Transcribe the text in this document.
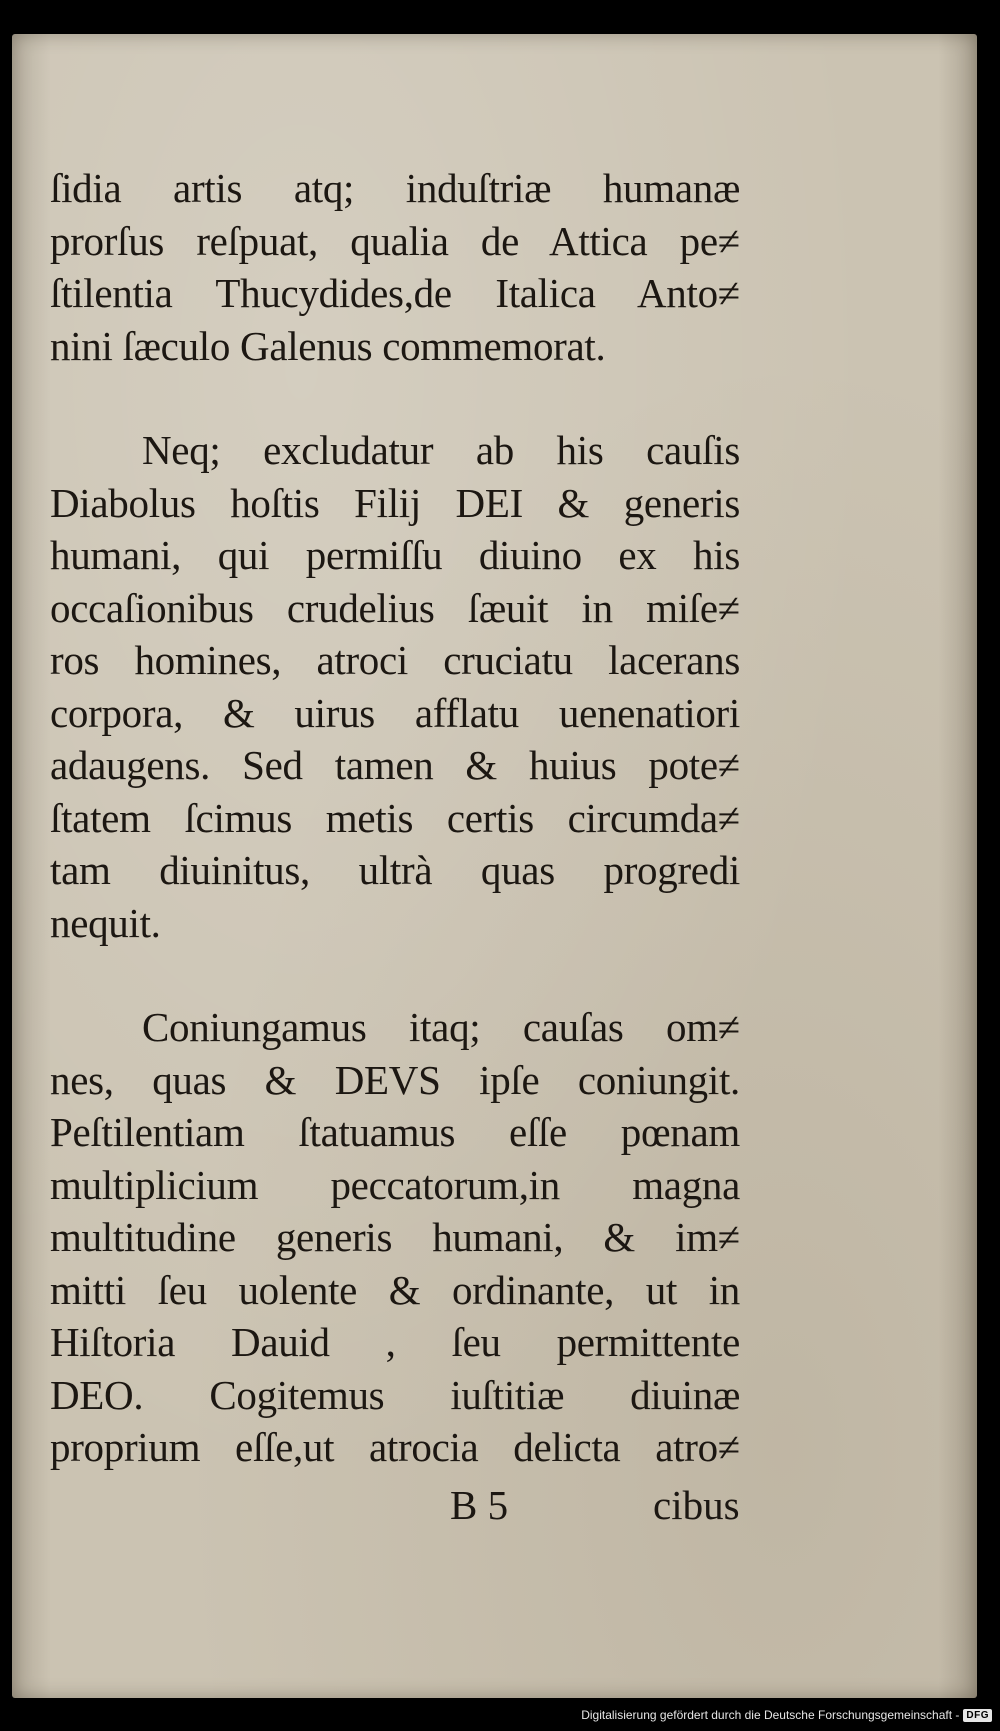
ſidia artis atq; induſtriæ humanæ
prorſus reſpuat, qualia de Attica pe≠
ſtilentia Thucydides,de Italica Anto≠
nini ſæculo Galenus commemorat.
Neq; excludatur ab his cauſis
Diabolus hoſtis Filij DEI & generis
humani, qui permiſſu diuino ex his
occaſionibus crudelius ſæuit in miſe≠
ros homines, atroci cruciatu lacerans
corpora, & uirus afflatu uenenatiori
adaugens. Sed tamen & huius pote≠
ſtatem ſcimus metis certis circumda≠
tam diuinitus, ultrà quas progredi
nequit.
Coniungamus itaq; cauſas om≠
nes, quas & DEVS ipſe coniungit.
Peſtilentiam ſtatuamus eſſe pœnam
multiplicium peccatorum,in magna
multitudine generis humani, & im≠
mitti ſeu uolente & ordinante, ut in
Hiſtoria Dauid , ſeu permittente
DEO. Cogitemus iuſtitiæ diuinæ
proprium eſſe,ut atrocia delicta atro≠
B 5	cibus
Digitalisierung gefördert durch die Deutsche Forschungsgemeinschaft - DFG
